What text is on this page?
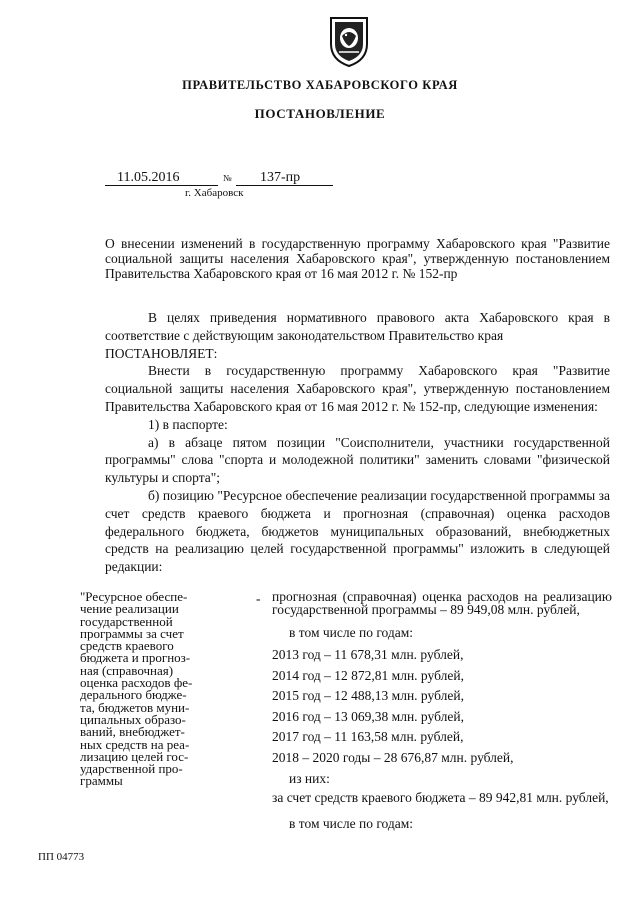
ПРАВИТЕЛЬСТВО ХАБАРОВСКОГО КРАЯ
ПОСТАНОВЛЕНИЕ
11.05.2016	№ 137-пр
г. Хабаровск
О внесении изменений в государственную программу Хабаровского края "Развитие социальной защиты населения Хабаровского края", утвержденную постановлением Правительства Хабаровского края от 16 мая 2012 г. № 152-пр

В целях приведения нормативного правового акта Хабаровского края в соответствие с действующим законодательством Правительство края

ПОСТАНОВЛЯЕТ:

Внести в государственную программу Хабаровского края "Развитие социальной защиты населения Хабаровского края", утвержденную постановлением Правительства Хабаровского края от 16 мая 2012 г. № 152-пр, следующие изменения:

1) в паспорте:

а) в абзаце пятом позиции "Соисполнители, участники государственной программы" слова "спорта и молодежной политики" заменить словами "физической культуры и спорта";

б) позицию "Ресурсное обеспечение реализации государственной программы за счет средств краевого бюджета и прогнозная (справочная) оценка расходов федерального бюджета, бюджетов муниципальных образований, внебюджетных средств на реализацию целей государственной программы" изложить в следующей редакции:

"Ресурсное обеспе-
чение реализации
государственной
программы за счет
средств краевого
бюджета и прогноз-
ная (справочная)
оценка расходов фе-
дерального бюдже-
та, бюджетов муни-
ципальных образо-
ваний, внебюджет-
ных средств на реа-
лизацию целей гос-
ударственной про-
граммы
- прогнозная (справочная) оценка расходов на реализацию государственной программы – 89 949,08 млн. рублей,
в том числе по годам:
2013 год – 11 678,31 млн. рублей,
2014 год – 12 872,81 млн. рублей,
2015 год – 12 488,13 млн. рублей,
2016 год – 13 069,38 млн. рублей,
2017 год – 11 163,58 млн. рублей,
2018 – 2020 годы – 28 676,87 млн. рублей,
из них:
за счет средств краевого бюджета – 89 942,81 млн. рублей,
в том числе по годам:
ПП 04773
